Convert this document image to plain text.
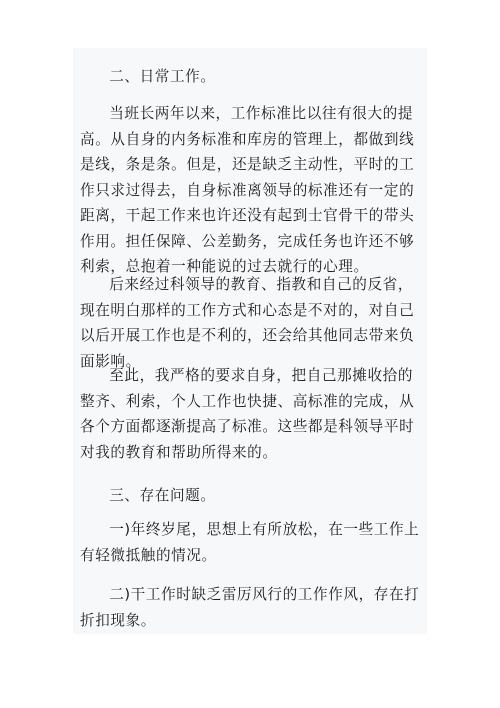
二、日常工作。

当班长两年以来，工作标准比以往有很大的提高。从自身的内务标准和库房的管理上，都做到线是线，条是条。但是，还是缺乏主动性，平时的工作只求过得去，自身标准离领导的标准还有一定的距离，干起工作来也许还没有起到士官骨干的带头作用。担任保障、公差勤务，完成任务也许还不够利索，总抱着一种能说的过去就行的心理。

后来经过科领导的教育、指教和自己的反省，现在明白那样的工作方式和心态是不对的，对自己以后开展工作也是不利的，还会给其他同志带来负面影响。

至此，我严格的要求自身，把自己那摊收拾的整齐、利索，个人工作也快捷、高标准的完成，从各个方面都逐渐提高了标准。这些都是科领导平时对我的教育和帮助所得来的。

三、存在问题。

一)年终岁尾，思想上有所放松，在一些工作上有轻微抵触的情况。

二)干工作时缺乏雷厉风行的工作作风，存在打折扣现象。
